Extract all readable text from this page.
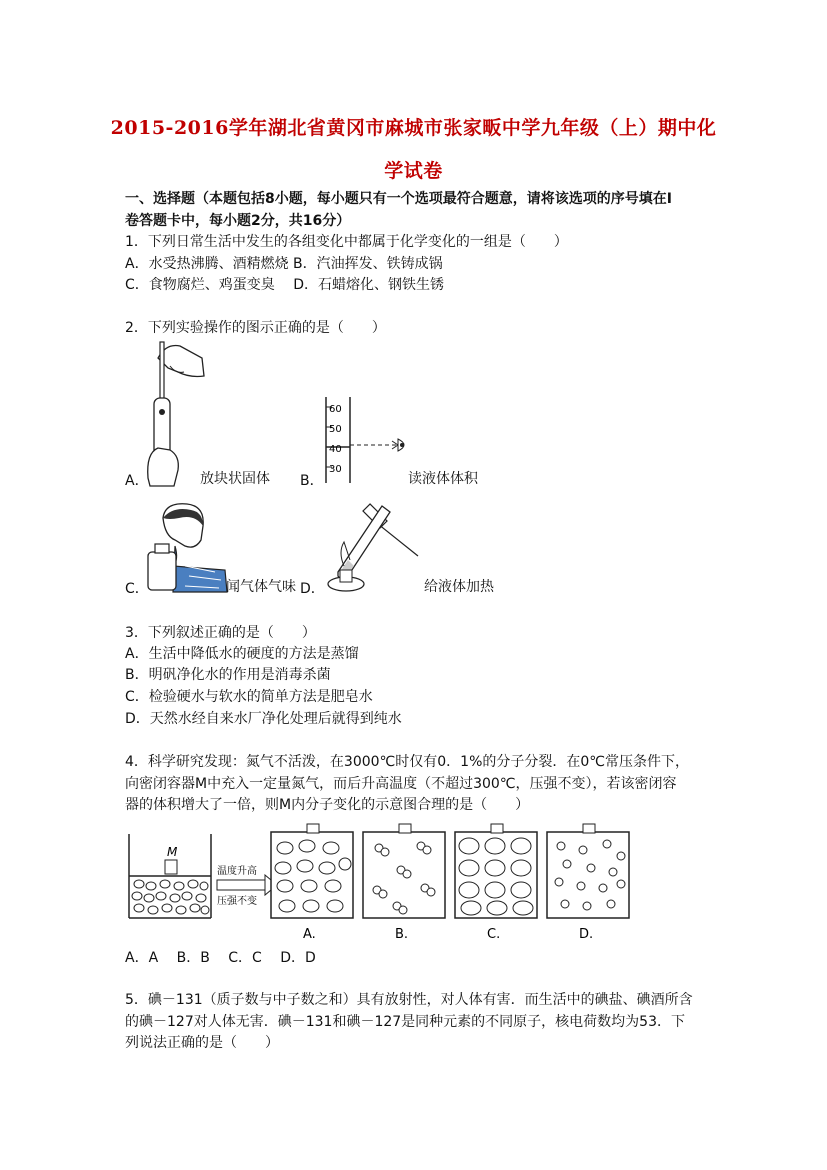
2015-2016学年湖北省黄冈市麻城市张家畈中学九年级（上）期中化
学试卷
一、选择题（本题包括8小题，每小题只有一个选项最符合题意，请将该选项的序号填在Ⅰ
卷答题卡中，每小题2分，共16分）
1．下列日常生活中发生的各组变化中都属于化学变化的一组是（　　）
A．水受热沸腾、酒精燃烧 B．汽油挥发、铁铸成锅
C．食物腐烂、鸡蛋变臭　 D．石蜡熔化、钢铁生锈
2．下列实验操作的图示正确的是（　　）
A．	放块状固体
60
50
40
30
B．	读液体体积
C．	闻气体气味 D．	给液体加热
3．下列叙述正确的是（　　）
A．生活中降低水的硬度的方法是蒸馏
B．明矾净化水的作用是消毒杀菌
C．检验硬水与软水的简单方法是肥皂水
D．天然水经自来水厂净化处理后就得到纯水
4．科学研究发现：氮气不活泼，在3000℃时仅有0．1%的分子分裂．在0℃常压条件下，
向密闭容器M中充入一定量氮气，而后升高温度（不超过300℃，压强不变），若该密闭容
器的体积增大了一倍，则M内分子变化的示意图合理的是（　　）
M
温度升高
压强不变
A.	B.	C.	D.
A．A　 B．B　 C．C　 D．D
5．碘－131（质子数与中子数之和）具有放射性，对人体有害．而生活中的碘盐、碘酒所含
的碘－127对人体无害．碘－131和碘－127是同种元素的不同原子，核电荷数均为53．下
列说法正确的是（　　）
